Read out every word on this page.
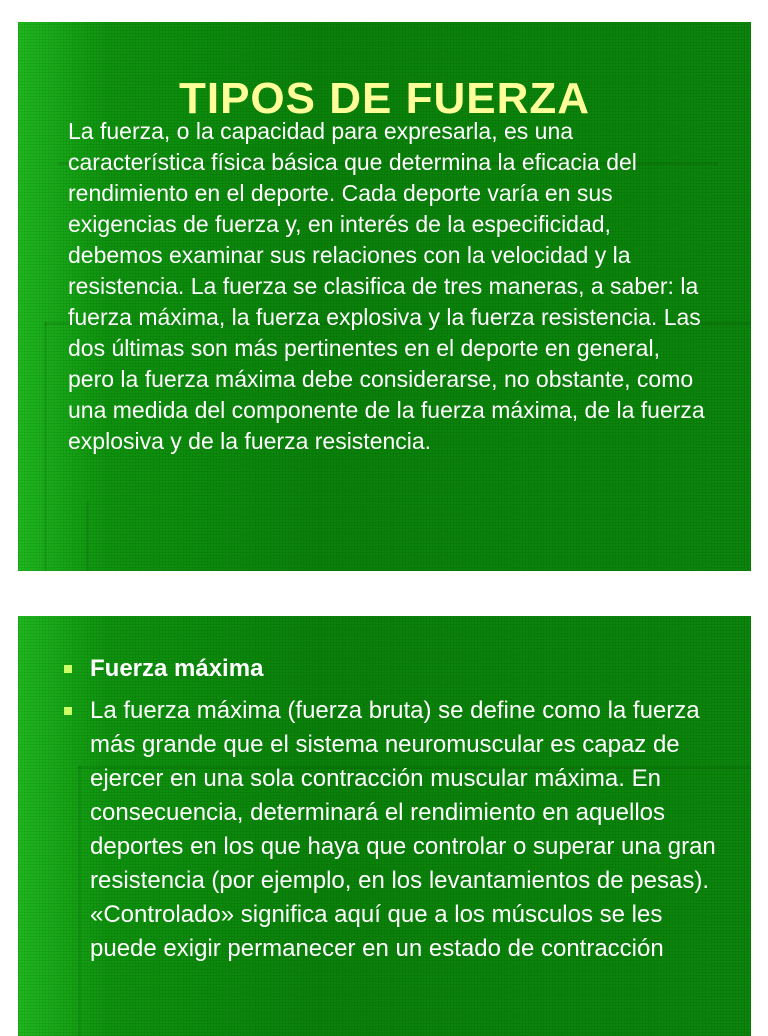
TIPOS DE FUERZA

La fuerza, o la capacidad para expresarla, es una característica física básica que determina la eficacia del rendimiento en el deporte. Cada deporte varía en sus exigencias de fuerza y, en interés de la especificidad, debemos examinar sus relaciones con la velocidad y la resistencia. La fuerza se clasifica de tres maneras, a saber: la fuerza máxima, la fuerza explosiva y la fuerza resistencia. Las dos últimas son más pertinentes en el deporte en general, pero la fuerza máxima debe considerarse, no obstante, como una medida del componente de la fuerza máxima, de la fuerza explosiva y de la fuerza resistencia.

Fuerza máxima
La fuerza máxima (fuerza bruta) se define como la fuerza más grande que el sistema neuromuscular es capaz de ejercer en una sola contracción muscular máxima. En consecuencia, determinará el rendimiento en aquellos deportes en los que haya que controlar o superar una gran resistencia (por ejemplo, en los levantamientos de pesas). «Controlado» significa aquí que a los músculos se les puede exigir permanecer en un estado de contracción
